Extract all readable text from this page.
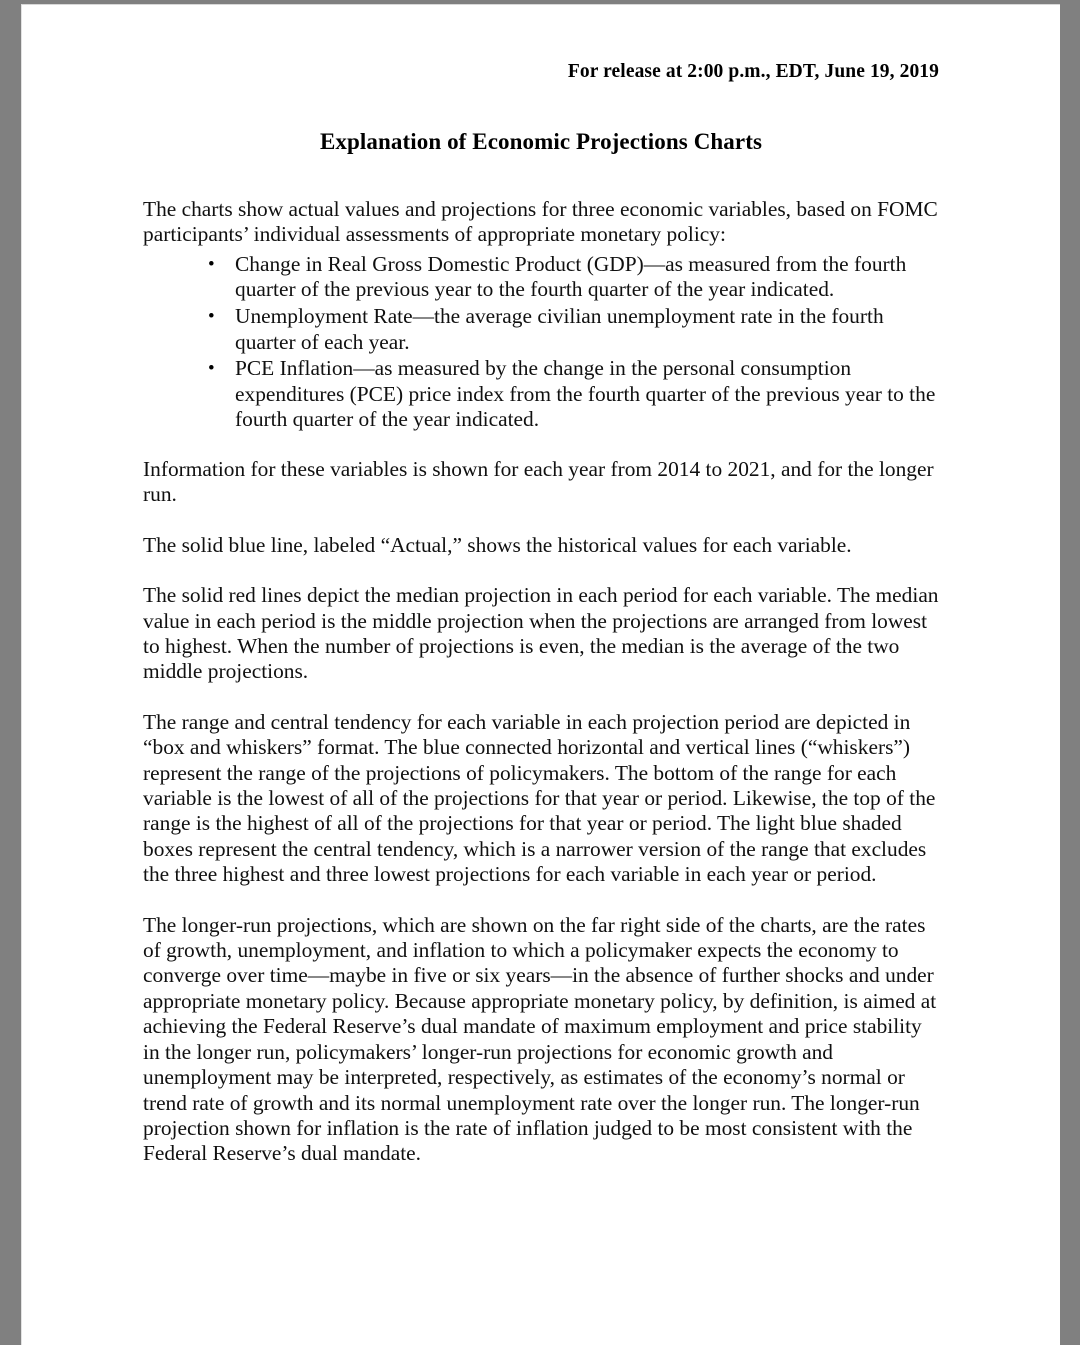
For release at 2:00 p.m., EDT, June 19, 2019
Explanation of Economic Projections Charts

The charts show actual values and projections for three economic variables, based on FOMC participants’ individual assessments of appropriate monetary policy:

• Change in Real Gross Domestic Product (GDP)—as measured from the fourth quarter of the previous year to the fourth quarter of the year indicated.
• Unemployment Rate—the average civilian unemployment rate in the fourth quarter of each year.
• PCE Inflation—as measured by the change in the personal consumption expenditures (PCE) price index from the fourth quarter of the previous year to the fourth quarter of the year indicated.

Information for these variables is shown for each year from 2014 to 2021, and for the longer run.

The solid blue line, labeled “Actual,” shows the historical values for each variable.

The solid red lines depict the median projection in each period for each variable. The median value in each period is the middle projection when the projections are arranged from lowest to highest. When the number of projections is even, the median is the average of the two middle projections.

The range and central tendency for each variable in each projection period are depicted in “box and whiskers” format. The blue connected horizontal and vertical lines (“whiskers”) represent the range of the projections of policymakers. The bottom of the range for each variable is the lowest of all of the projections for that year or period. Likewise, the top of the range is the highest of all of the projections for that year or period. The light blue shaded boxes represent the central tendency, which is a narrower version of the range that excludes the three highest and three lowest projections for each variable in each year or period.

The longer-run projections, which are shown on the far right side of the charts, are the rates of growth, unemployment, and inflation to which a policymaker expects the economy to converge over time—maybe in five or six years—in the absence of further shocks and under appropriate monetary policy. Because appropriate monetary policy, by definition, is aimed at achieving the Federal Reserve’s dual mandate of maximum employment and price stability in the longer run, policymakers’ longer-run projections for economic growth and unemployment may be interpreted, respectively, as estimates of the economy’s normal or trend rate of growth and its normal unemployment rate over the longer run. The longer-run projection shown for inflation is the rate of inflation judged to be most consistent with the Federal Reserve’s dual mandate.
